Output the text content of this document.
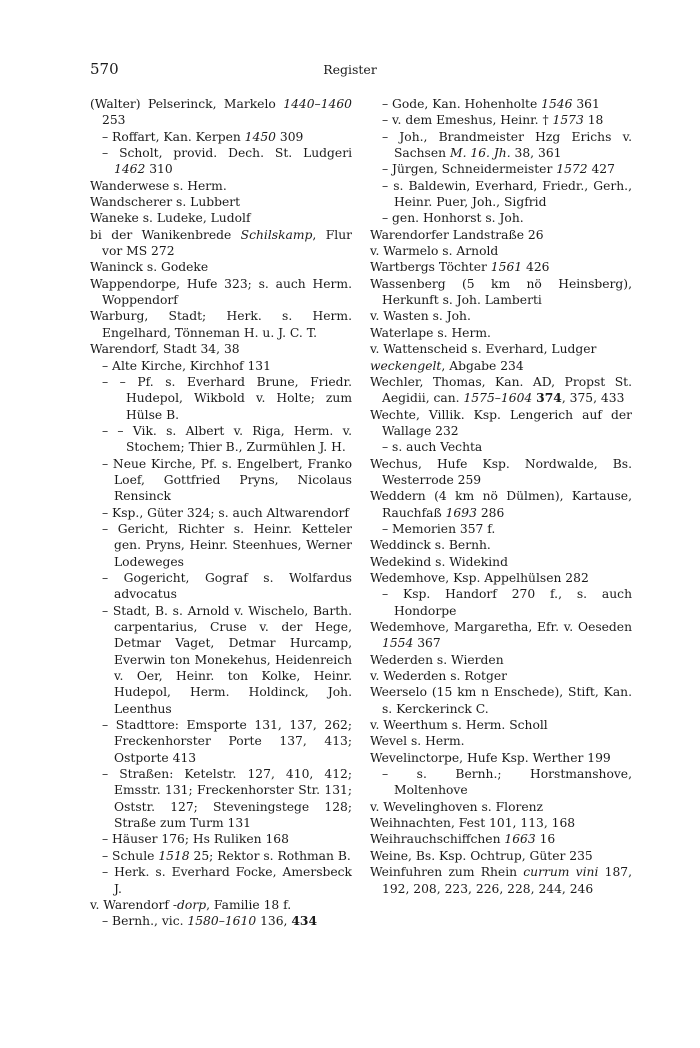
570	Register
(Walter) Pelserinck, Markelo 1440–1460 253
– Roffart, Kan. Kerpen 1450 309
– Scholt, provid. Dech. St. Ludgeri 1462 310
Wanderwese s. Herm.
Wandscherer s. Lubbert
Waneke s. Ludeke, Ludolf
bi der Wanikenbrede Schilskamp, Flur vor MS 272
Waninck s. Godeke
Wappendorpe, Hufe 323; s. auch Herm. Woppendorf
Warburg, Stadt; Herk. s. Herm. Engelhard, Tönneman H. u. J. C. T.
Warendorf, Stadt 34, 38
– Alte Kirche, Kirchhof 131
– – Pf. s. Everhard Brune, Friedr. Hudepol, Wikbold v. Holte; zum Hülse B.
– – Vik. s. Albert v. Riga, Herm. v. Stochem; Thier B., Zurmühlen J. H.
– Neue Kirche, Pf. s. Engelbert, Franko Loef, Gottfried Pryns, Nicolaus Rensinck
– Ksp., Güter 324; s. auch Altwarendorf
– Gericht, Richter s. Heinr. Ketteler gen. Pryns, Heinr. Steenhues, Werner Lodeweges
– Gogericht, Gograf s. Wolfardus advocatus
– Stadt, B. s. Arnold v. Wischelo, Barth. carpentarius, Cruse v. der Hege, Detmar Vaget, Detmar Hurcamp, Everwin ton Monekehus, Heidenreich v. Oer, Heinr. ton Kolke, Heinr. Hudepol, Herm. Holdinck, Joh. Leenthus
– Stadttore: Emsporte 131, 137, 262; Freckenhorster Porte 137, 413; Ostporte 413
– Straßen: Ketelstr. 127, 410, 412; Emsstr. 131; Freckenhorster Str. 131; Oststr. 127; Steveningstege 128; Straße zum Turm 131
– Häuser 176; Hs Ruliken 168
– Schule 1518 25; Rektor s. Rothman B.
– Herk. s. Everhard Focke, Amersbeck J.
v. Warendorf -dorp, Familie 18 f.
– Bernh., vic. 1580–1610 136, 434
– Gode, Kan. Hohenholte 1546 361
– v. dem Emeshus, Heinr. † 1573 18
– Joh., Brandmeister Hzg Erichs v. Sachsen M. 16. Jh. 38, 361
– Jürgen, Schneidermeister 1572 427
– s. Baldewin, Everhard, Friedr., Gerh., Heinr. Puer, Joh., Sigfrid
– gen. Honhorst s. Joh.
Warendorfer Landstraße 26
v. Warmelo s. Arnold
Wartbergs Töchter 1561 426
Wassenberg (5 km nö Heinsberg), Herkunft s. Joh. Lamberti
v. Wasten s. Joh.
Waterlape s. Herm.
v. Wattenscheid s. Everhard, Ludger
weckengelt, Abgabe 234
Wechler, Thomas, Kan. AD, Propst St. Aegidii, can. 1575–1604 374, 375, 433
Wechte, Villik. Ksp. Lengerich auf der Wallage 232
– s. auch Vechta
Wechus, Hufe Ksp. Nordwalde, Bs. Westerrode 259
Weddern (4 km nö Dülmen), Kartause, Rauchfaß 1693 286
– Memorien 357 f.
Weddinck s. Bernh.
Wedekind s. Widekind
Wedemhove, Ksp. Appelhülsen 282
– Ksp. Handorf 270 f., s. auch Hondorpe
Wedemhove, Margaretha, Efr. v. Oeseden 1554 367
Wederden s. Wierden
v. Wederden s. Rotger
Weerselo (15 km n Enschede), Stift, Kan. s. Kerckerinck C.
v. Weerthum s. Herm. Scholl
Wevel s. Herm.
Wevelinctorpe, Hufe Ksp. Werther 199
– s. Bernh.; Horstmanshove, Moltenhove
v. Wevelinghoven s. Florenz
Weihnachten, Fest 101, 113, 168
Weihrauchschiffchen 1663 16
Weine, Bs. Ksp. Ochtrup, Güter 235
Weinfuhren zum Rhein currum vini 187, 192, 208, 223, 226, 228, 244, 246
